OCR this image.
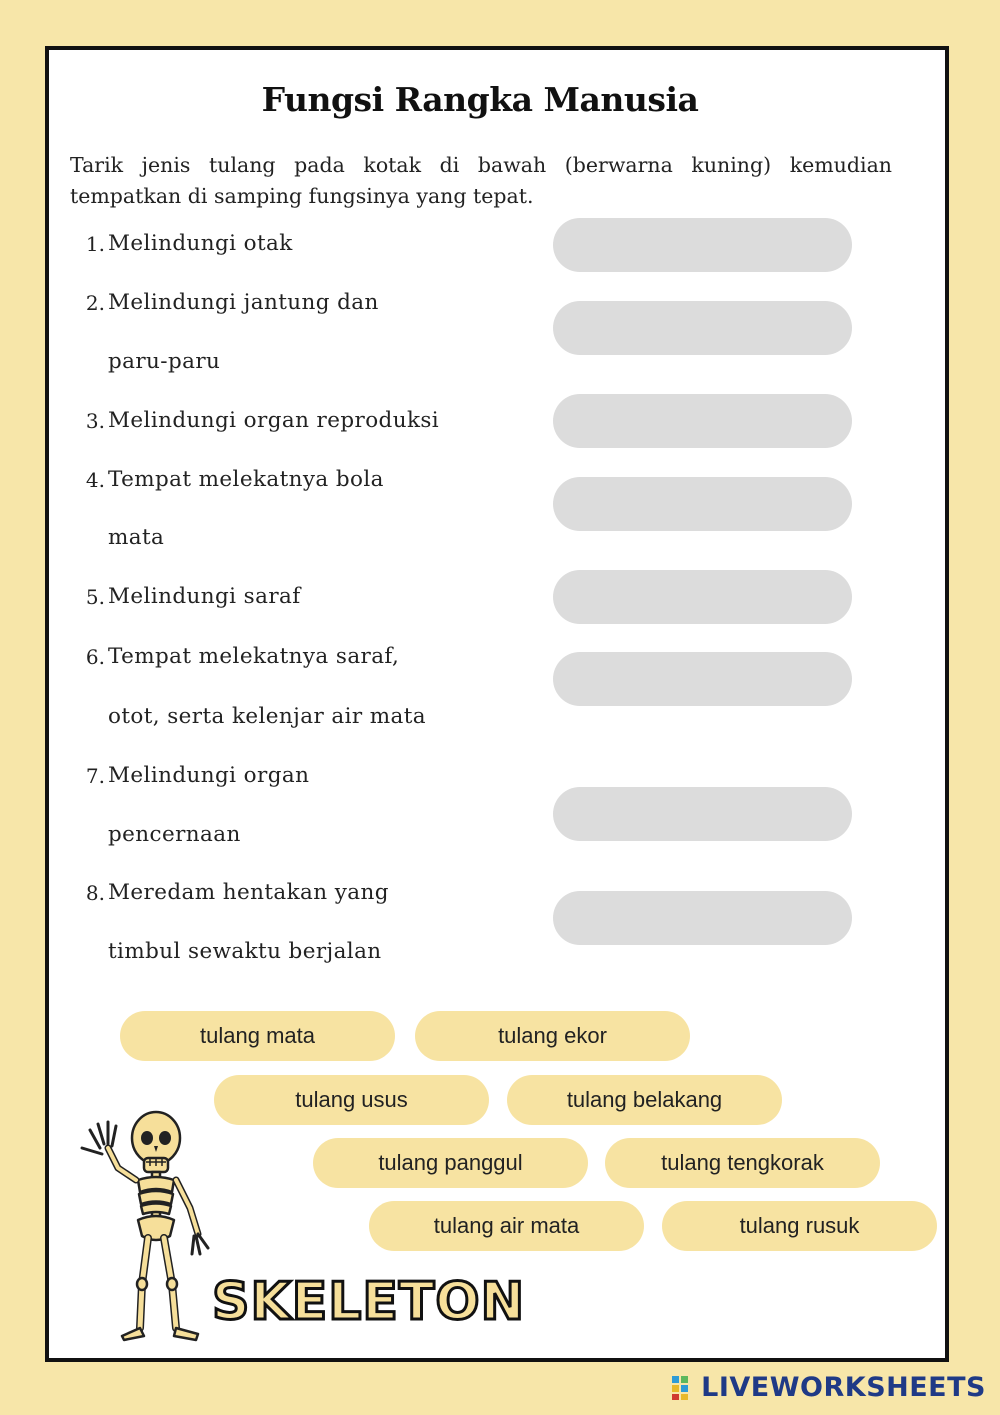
Fungsi Rangka Manusia
Tarik jenis tulang pada kotak di bawah (berwarna kuning) kemudian tempatkan di samping fungsinya yang tepat.
1. Melindungi otak
2. Melindungi jantung dan
paru-paru
3. Melindungi organ reproduksi
4. Tempat melekatnya bola
mata
5. Melindungi saraf
6. Tempat melekatnya saraf,
otot, serta kelenjar air mata
7. Melindungi organ
pencernaan
8. Meredam hentakan yang
timbul sewaktu berjalan
tulang mata	tulang ekor
tulang usus	tulang belakang
tulang panggul	tulang tengkorak
tulang air mata	tulang rusuk
SKELETON
LIVEWORKSHEETS
